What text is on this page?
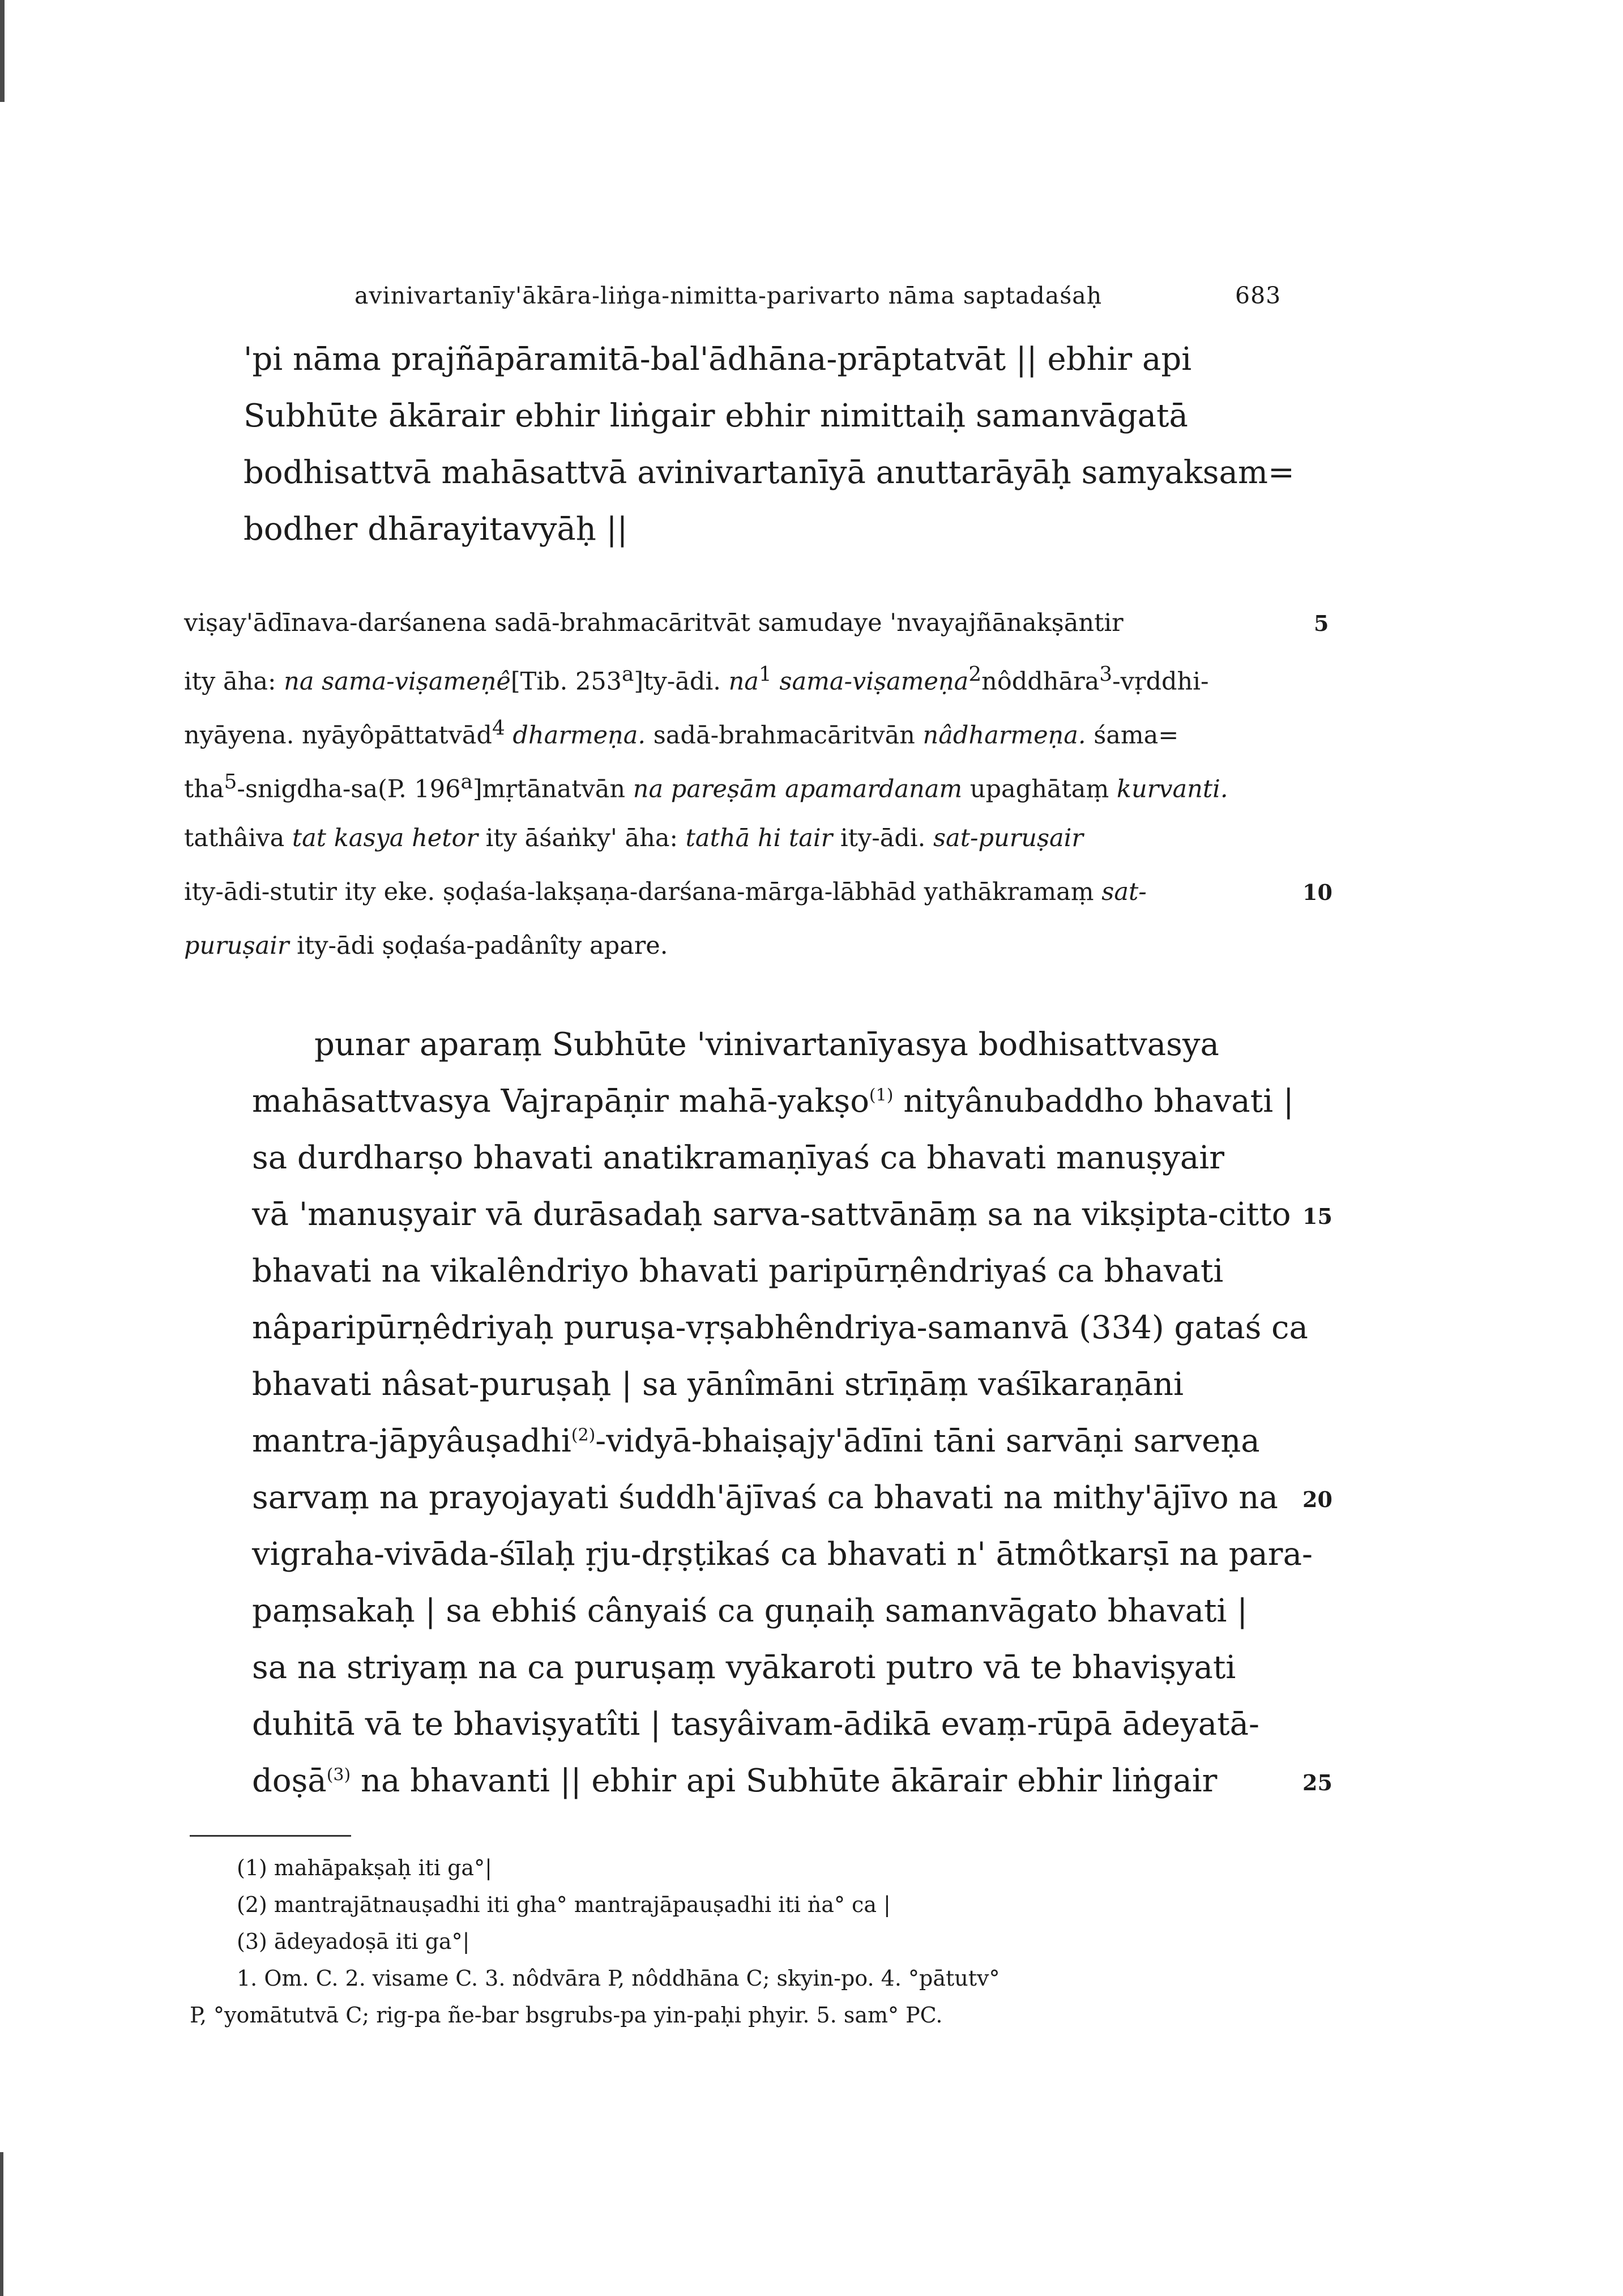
avinivartanīy'ākāra-liṅga-nimitta-parivarto nāma saptadaśaḥ	683
'pi nāma prajñāpāramitā-bal'ādhāna-prāptatvāt || ebhir api
Subhūte ākārair ebhir liṅgair ebhir nimittaiḥ samanvāgatā
bodhisattvā mahāsattvā avinivartanīyā anuttarāyāḥ samyaksam=
bodher dhārayitavyāḥ ||
viṣay'ādīnava-darśanena sadā-brahmacāritvāt samudaye 'nvayajñānakṣāntir
ity āha: na sama-viṣameṇê[Tib. 253$^a$]ty-ādi. $na^1$ sama-viṣameṇa$^2$nôddhāra$^3$-vṛddhi-
nyāyena. nyāyôpāttatvād$^4$ dharmeṇa. sadā-brahmacāritvān nâdharmeṇa. śama=
tha$^5$-snigdha-sa(P. 196$^a$]mṛtānatvān na pareṣām apamardanam upaghātaṃ kurvanti.
tathâiva tat kasya hetor ity āśaṅky' āha: tathā hi tair ity-ādi. sat-puruṣair
ity-ādi-stutir ity eke. ṣoḍaśa-lakṣaṇa-darśana-mārga-lābhād yathākramaṃ sat-
puruṣair ity-ādi ṣoḍaśa-padânîty apare.
punar aparaṃ Subhūte 'vinivartanīyasya bodhisattvasya
mahāsattvasya Vajrapāṇir mahā-yakṣo$^{(1)}$ nityânubaddho bhavati |
sa durdharṣo bhavati anatikramaṇīyaś ca bhavati manuṣyair
vā 'manuṣyair vā durāsadaḥ sarva-sattvānāṃ sa na vikṣipta-citto
bhavati na vikalêndriyo bhavati paripūrṇêndriyaś ca bhavati
nâparipūrṇêdriyaḥ puruṣa-vṛṣabhêndriya-samanvā (334) gataś ca
bhavati nâsat-puruṣaḥ | sa yānîmāni strīṇāṃ vaśīkaraṇāni
mantra-jāpyâuṣadhi$^{(2)}$-vidyā-bhaiṣajy'ādīni tāni sarvāṇi sarveṇa
sarvaṃ na prayojayati śuddh'ājīvaś ca bhavati na mithy'ājīvo na
vigraha-vivāda-śīlaḥ ṛju-dṛṣṭikaś ca bhavati n' ātmôtkarṣī na para-
paṃsakaḥ | sa ebhiś cânyaiś ca guṇaiḥ samanvāgato bhavati |
sa na striyaṃ na ca puruṣaṃ vyākaroti putro vā te bhaviṣyati
duhitā vā te bhaviṣyatîti | tasyâivam-ādikā evaṃ-rūpā ādeyatā-
doṣā$^{(3)}$ na bhavanti || ebhir api Subhūte ākārair ebhir liṅgair
5
10
15
20
25
(1) mahāpakṣaḥ iti ga°|
(2) mantrajātnauṣadhi iti gha° mantrajāpauṣadhi iti ṅa° ca |
(3) ādeyadoṣā iti ga°|
1. Om. C. 2. visame C. 3. nôdvāra P, nôddhāna C; skyin-po. 4. °pātutv°
P, °yomātutvā C; rig-pa ñe-bar bsgrubs-pa yin-paḥi phyir. 5. sam° PC.
